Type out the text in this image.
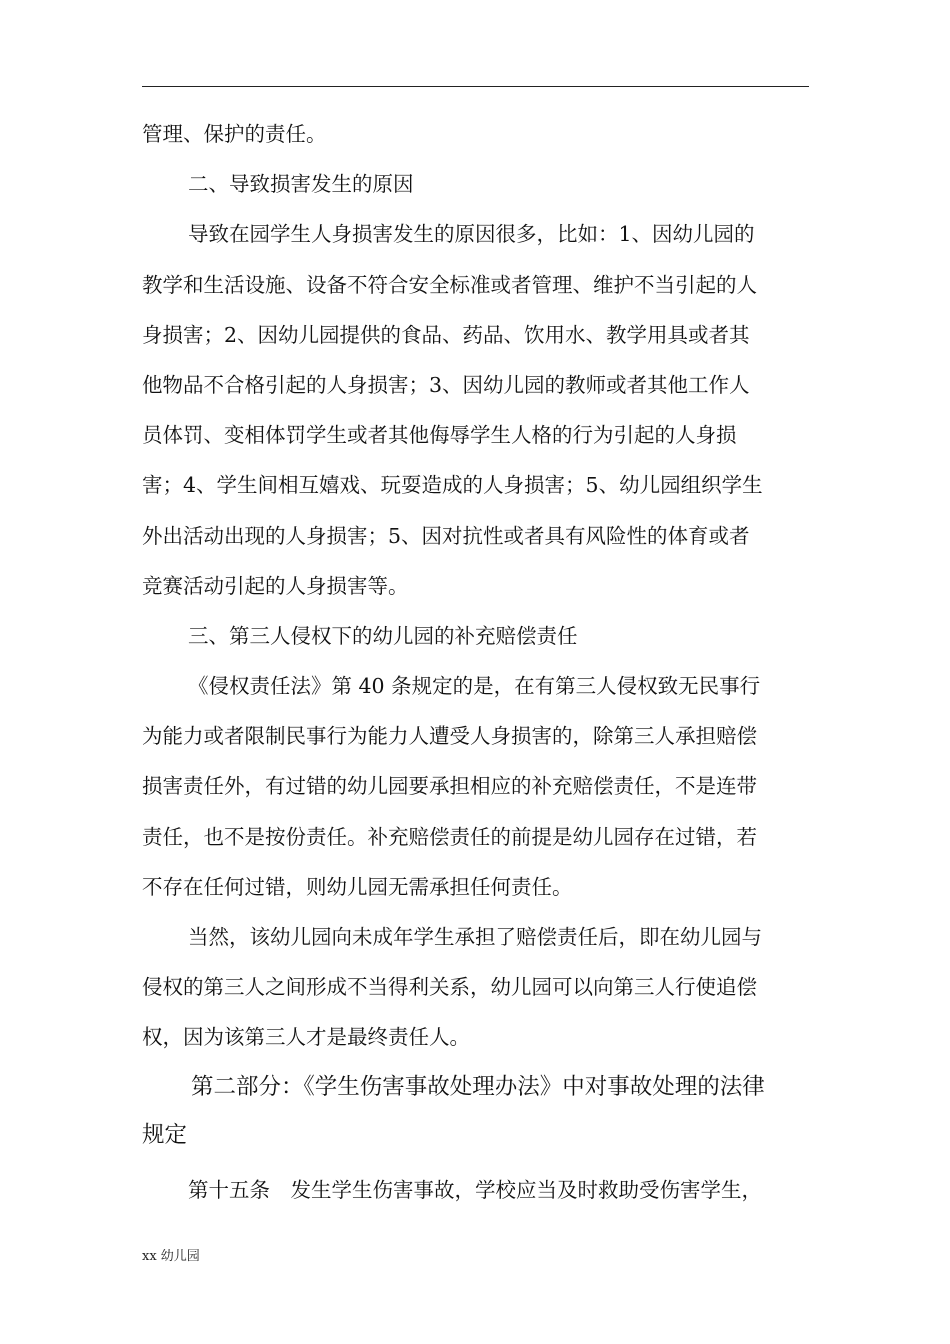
管理、保护的责任。
二、导致损害发生的原因
导致在园学生人身损害发生的原因很多，比如：1、因幼儿园的
教学和生活设施、设备不符合安全标准或者管理、维护不当引起的人
身损害；2、因幼儿园提供的食品、药品、饮用水、教学用具或者其
他物品不合格引起的人身损害；3、因幼儿园的教师或者其他工作人
员体罚、变相体罚学生或者其他侮辱学生人格的行为引起的人身损
害；4、学生间相互嬉戏、玩耍造成的人身损害；5、幼儿园组织学生
外出活动出现的人身损害；5、因对抗性或者具有风险性的体育或者
竞赛活动引起的人身损害等。
三、第三人侵权下的幼儿园的补充赔偿责任
《侵权责任法》第 40 条规定的是，在有第三人侵权致无民事行
为能力或者限制民事行为能力人遭受人身损害的，除第三人承担赔偿
损害责任外，有过错的幼儿园要承担相应的补充赔偿责任，不是连带
责任，也不是按份责任。补充赔偿责任的前提是幼儿园存在过错，若
不存在任何过错，则幼儿园无需承担任何责任。
当然，该幼儿园向未成年学生承担了赔偿责任后，即在幼儿园与
侵权的第三人之间形成不当得利关系，幼儿园可以向第三人行使追偿
权，因为该第三人才是最终责任人。
第二部分：《学生伤害事故处理办法》中对事故处理的法律
规定
第十五条　发生学生伤害事故，学校应当及时救助受伤害学生，
xx 幼儿园
